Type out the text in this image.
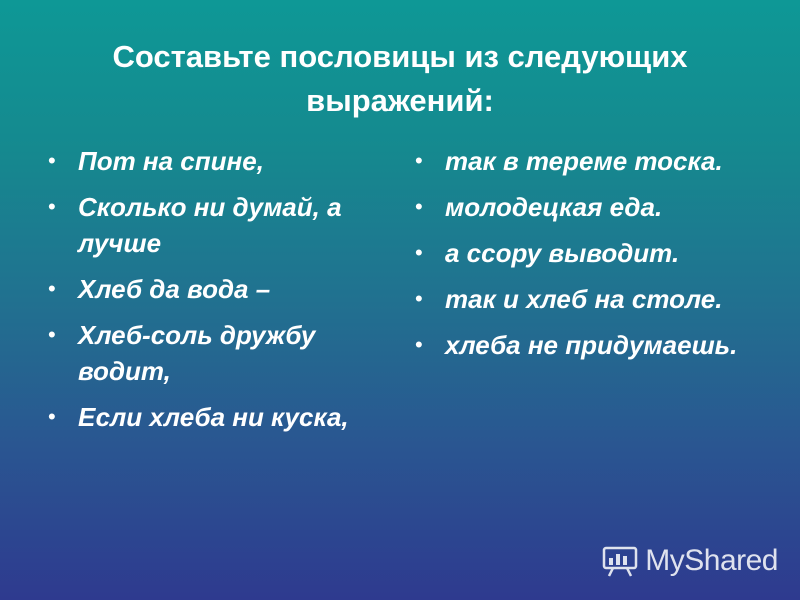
Составьте пословицы из следующих выражений:
• Пот на спине,
• Сколько ни думай, а лучше
• Хлеб да вода –
• Хлеб-соль дружбу водит,
• Если хлеба ни куска,
• так в тереме тоска.
• молодецкая еда.
• а ссору выводит.
• так и хлеб на столе.
• хлеба не придумаешь.
MyShared
